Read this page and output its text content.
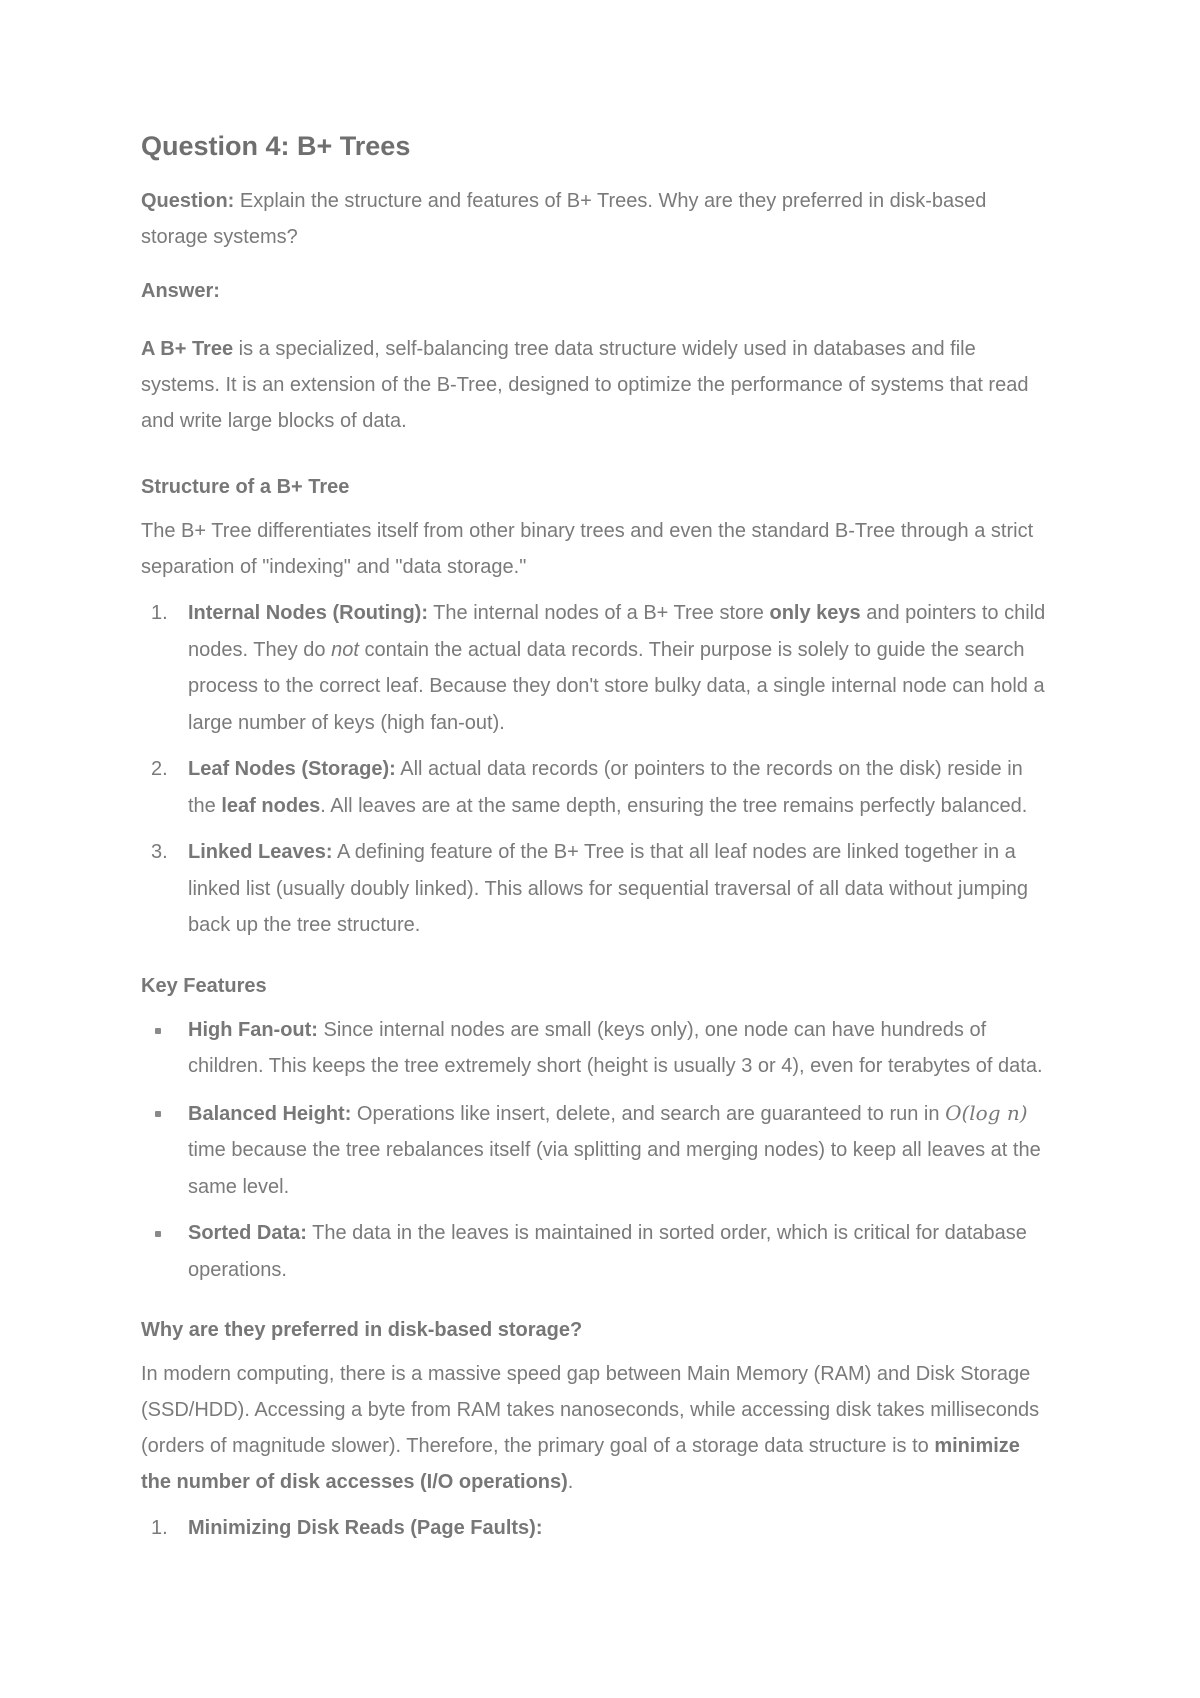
Question 4: B+ Trees

Question: Explain the structure and features of B+ Trees. Why are they preferred in disk-based storage systems?

Answer:

A B+ Tree is a specialized, self-balancing tree data structure widely used in databases and file systems. It is an extension of the B-Tree, designed to optimize the performance of systems that read and write large blocks of data.

Structure of a B+ Tree

The B+ Tree differentiates itself from other binary trees and even the standard B-Tree through a strict separation of "indexing" and "data storage."

1.	Internal Nodes (Routing): The internal nodes of a B+ Tree store only keys and pointers to child nodes. They do not contain the actual data records. Their purpose is solely to guide the search process to the correct leaf. Because they don't store bulky data, a single internal node can hold a large number of keys (high fan-out).
2.	Leaf Nodes (Storage): All actual data records (or pointers to the records on the disk) reside in the leaf nodes. All leaves are at the same depth, ensuring the tree remains perfectly balanced.
3.	Linked Leaves: A defining feature of the B+ Tree is that all leaf nodes are linked together in a linked list (usually doubly linked). This allows for sequential traversal of all data without jumping back up the tree structure.
Key Features
High Fan-out: Since internal nodes are small (keys only), one node can have hundreds of children. This keeps the tree extremely short (height is usually 3 or 4), even for terabytes of data.
Balanced Height: Operations like insert, delete, and search are guaranteed to run in O(log n) time because the tree rebalances itself (via splitting and merging nodes) to keep all leaves at the same level.
Sorted Data: The data in the leaves is maintained in sorted order, which is critical for database operations.
Why are they preferred in disk-based storage?

In modern computing, there is a massive speed gap between Main Memory (RAM) and Disk Storage (SSD/HDD). Accessing a byte from RAM takes nanoseconds, while accessing disk takes milliseconds (orders of magnitude slower). Therefore, the primary goal of a storage data structure is to minimize the number of disk accesses (I/O operations).

1.	Minimizing Disk Reads (Page Faults):
